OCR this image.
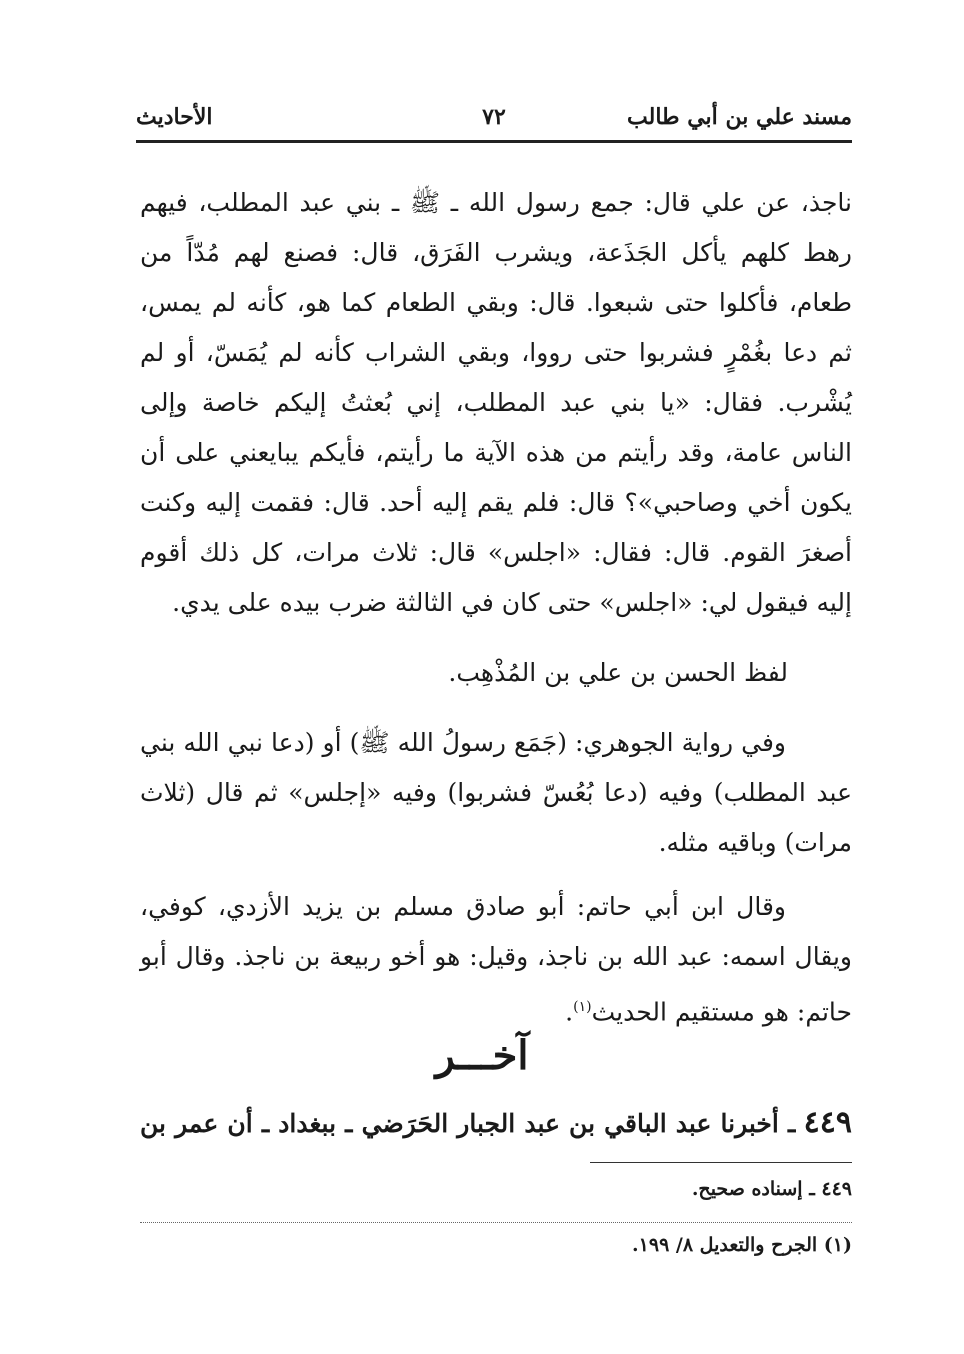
مسند علي بن أبي طالب
٧٢
الأحاديث
ناجذ، عن علي قال: جمع رسول الله ـ ﷺ ـ بني عبد المطلب، فيهم رهط كلهم يأكل الجَذَعة، ويشرب الفَرَق، قال: فصنع لهم مُدّاً من طعام، فأكلوا حتى شبعوا. قال: وبقي الطعام كما هو، كأنه لم يمس، ثم دعا بغُمْرٍ فشربوا حتى رووا، وبقي الشراب كأنه لم يُمَسّ، أو لم يُشْرب. فقال: «يا بني عبد المطلب، إني بُعثتُ إليكم خاصة وإلى الناس عامة، وقد رأيتم من هذه الآية ما رأيتم، فأيكم يبايعني على أن يكون أخي وصاحبي»؟ قال: فلم يقم إليه أحد. قال: فقمت إليه وكنت أصغرَ القوم. قال: فقال: «اجلس» قال: ثلاث مرات، كل ذلك أقوم إليه فيقول لي: «اجلس» حتى كان في الثالثة ضرب بيده على يدي.
لفظ الحسن بن علي بن المُذْهِب.
وفي رواية الجوهري: (جَمَع رسولُ الله ﷺ) أو (دعا نبي الله بني عبد المطلب) وفيه (دعا بُعُسّ فشربوا) وفيه «إجلس» ثم قال (ثلاث مرات) وباقيه مثله.
وقال ابن أبي حاتم: أبو صادق مسلم بن يزيد الأزدي، كوفي، ويقال اسمه: عبد الله بن ناجذ، وقيل: هو أخو ربيعة بن ناجذ. وقال أبو حاتم: هو مستقيم الحديث$^{(١)}$.
آخـــر
٤٤٩ ـ أخبرنا عبد الباقي بن عبد الجبار الحَرَضي ـ ببغداد ـ أن عمر بن
٤٤٩ ـ إسناده صحيح.
(١) الجرح والتعديل ٨/ ١٩٩.
